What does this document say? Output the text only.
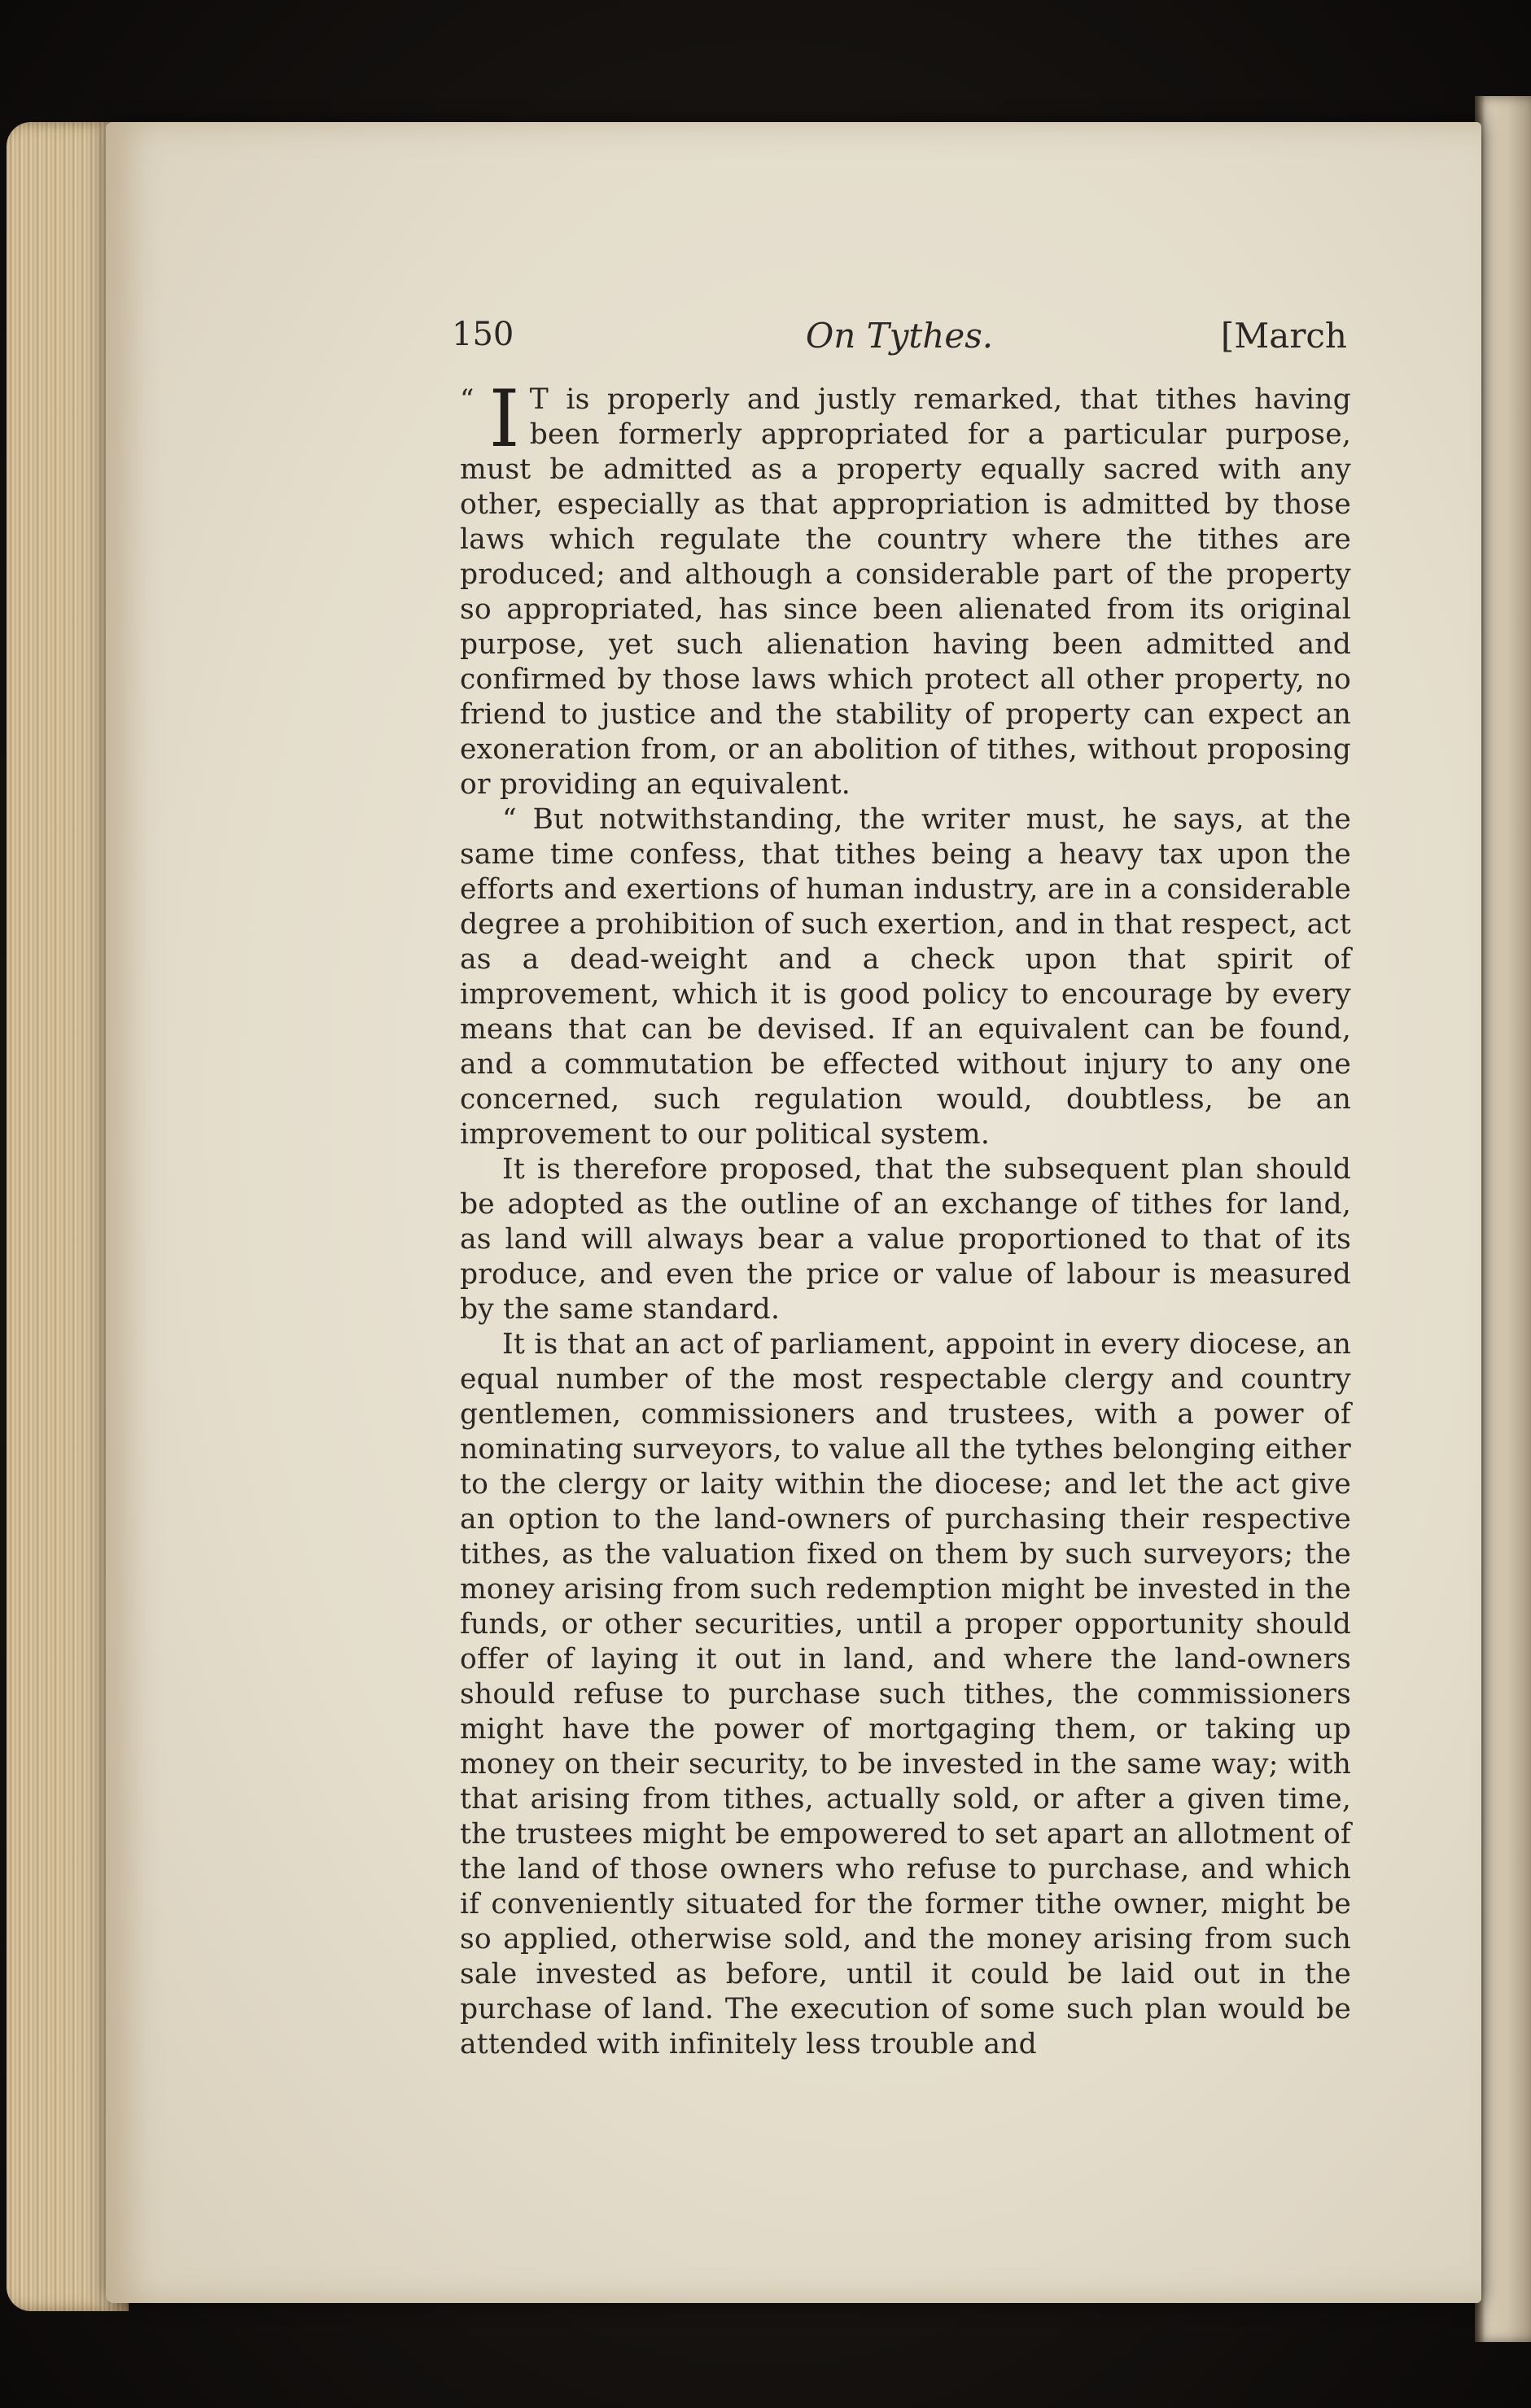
150	On Tythes.	[March

“ I T is properly and justly remarked, that tithes having been formerly appropriated for a particular purpose, must be admitted as a property equally sacred with any other, especially as that appropriation is admitted by those laws which regulate the country where the tithes are produced; and although a considerable part of the property so appropriated, has since been alienated from its original purpose, yet such alienation having been admitted and confirmed by those laws which protect all other property, no friend to justice and the stability of property can expect an exoneration from, or an abolition of tithes, without proposing or providing an equivalent.

“ But notwithstanding, the writer must, he says, at the same time confess, that tithes being a heavy tax upon the efforts and exertions of human industry, are in a considerable degree a prohibition of such exertion, and in that respect, act as a dead-weight and a check upon that spirit of improvement, which it is good policy to encourage by every means that can be devised. If an equivalent can be found, and a commutation be effected without injury to any one concerned, such regulation would, doubtless, be an improvement to our political system.

It is therefore proposed, that the subsequent plan should be adopted as the outline of an exchange of tithes for land, as land will always bear a value proportioned to that of its produce, and even the price or value of labour is measured by the same standard.

It is that an act of parliament, appoint in every diocese, an equal number of the most respectable clergy and country gentlemen, commissioners and trustees, with a power of nominating surveyors, to value all the tythes belonging either to the clergy or laity within the diocese; and let the act give an option to the land-owners of purchasing their respective tithes, as the valuation fixed on them by such surveyors; the money arising from such redemption might be invested in the funds, or other securities, until a proper opportunity should offer of laying it out in land, and where the land-owners should refuse to purchase such tithes, the commissioners might have the power of mortgaging them, or taking up money on their security, to be invested in the same way; with that arising from tithes, actually sold, or after a given time, the trustees might be empowered to set apart an allotment of the land of those owners who refuse to purchase, and which if conveniently situated for the former tithe owner, might be so applied, otherwise sold, and the money arising from such sale invested as before, until it could be laid out in the purchase of land. The execution of some such plan would be attended with infinitely less trouble and
